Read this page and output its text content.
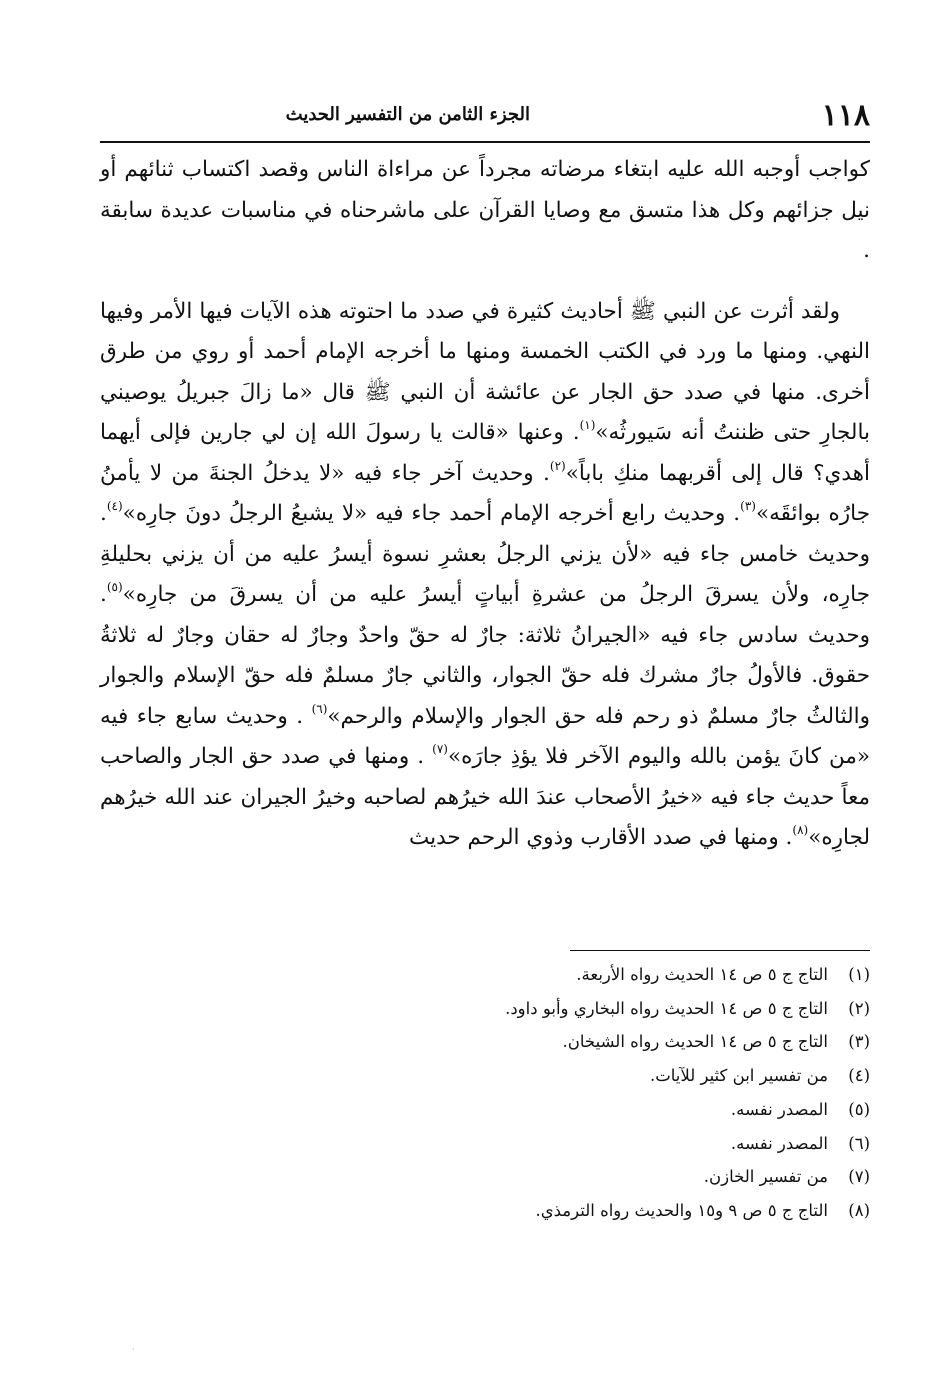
١١٨
الجزء الثامن من التفسير الحديث

كواجب أوجبه الله عليه ابتغاء مرضاته مجرداً عن مراءاة الناس وقصد اكتساب ثنائهم أو نيل جزائهم وكل هذا متسق مع وصايا القرآن على ماشرحناه في مناسبات عديدة سابقة .

ولقد أثرت عن النبي ﷺ أحاديث كثيرة في صدد ما احتوته هذه الآيات فيها الأمر وفيها النهي. ومنها ما ورد في الكتب الخمسة ومنها ما أخرجه الإمام أحمد أو روي من طرق أخرى. منها في صدد حق الجار عن عائشة أن النبي ﷺ قال «ما زالَ جبريلُ يوصيني بالجارِ حتى ظننتُ أنه سَيورثُه»$^{(١)}$. وعنها «قالت يا رسولَ الله إن لي جارين فإلى أيهما أهدي؟ قال إلى أقربهما منكِ باباً»$^{(٢)}$. وحديث آخر جاء فيه «لا يدخلُ الجنةَ من لا يأمنُ جارُه بوائقَه»$^{(٣)}$. وحديث رابع أخرجه الإمام أحمد جاء فيه «لا يشبعُ الرجلُ دونَ جارِه»$^{(٤)}$. وحديث خامس جاء فيه «لأن يزني الرجلُ بعشرِ نسوة أيسرُ عليه من أن يزني بحليلةِ جارِه، ولأن يسرقَ الرجلُ من عشرةِ أبياتٍ أيسرُ عليه من أن يسرقَ من جارِه»$^{(٥)}$. وحديث سادس جاء فيه «الجيرانُ ثلاثة: جارٌ له حقّ واحدٌ وجارٌ له حقان وجارٌ له ثلاثةُ حقوق. فالأولُ جارٌ مشرك فله حقّ الجوار، والثاني جارٌ مسلمٌ فله حقّ الإسلام والجوار والثالثُ جارٌ مسلمٌ ذو رحم فله حق الجوار والإسلام والرحم»$^{(٦)}$ . وحديث سابع جاء فيه «من كانَ يؤمن بالله واليوم الآخر فلا يؤذِ جارَه»$^{(٧)}$ . ومنها في صدد حق الجار والصاحب معاً حديث جاء فيه «خيرُ الأصحاب عندَ الله خيرُهم لصاحبه وخيرُ الجيران عند الله خيرُهم لجارِه»$^{(٨)}$. ومنها في صدد الأقارب وذوي الرحم حديث

(١)
التاج ج ٥ ص ١٤ الحديث رواه الأربعة.
(٢)
التاج ج ٥ ص ١٤ الحديث رواه البخاري وأبو داود.
(٣)
التاج ج ٥ ص ١٤ الحديث رواه الشيخان.
(٤)
من تفسير ابن كثير للآيات.
(٥)
المصدر نفسه.
(٦)
المصدر نفسه.
(٧)
من تفسير الخازن.
(٨)
التاج ج ٥ ص ٩ و١٥ والحديث رواه الترمذي.
·
